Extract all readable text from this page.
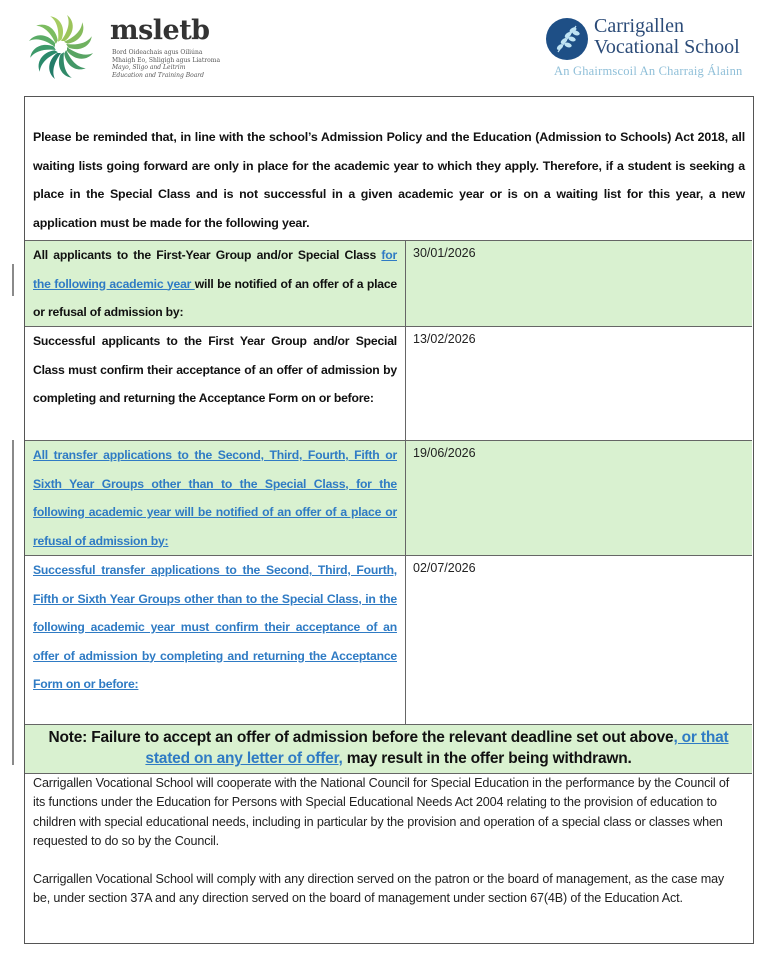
msletb
Bord Oideachais agus Oiliúna
Mhaigh Eo, Shligigh agus Liatroma
Mayo, Sligo and Leitrim
Education and Training Board
Carrigallen
Vocational School
An Ghairmscoil An Charraig Álainn
Please be reminded that, in line with the school’s Admission Policy and the Education (Admission to Schools) Act 2018, all waiting lists going forward are only in place for the academic year to which they apply. Therefore, if a student is seeking a place in the Special Class and is not successful in a given academic year or is on a waiting list for this year, a new application must be made for the following year.
All applicants to the First-Year Group and/or Special Class for the following academic year will be notified of an offer of a place or refusal of admission by:
30/01/2026
Successful applicants to the First Year Group and/or Special Class must confirm their acceptance of an offer of admission by completing and returning the Acceptance Form on or before:
13/02/2026
All transfer applications to the Second, Third, Fourth, Fifth or Sixth Year Groups other than to the Special Class, for the following academic year will be notified of an offer of a place or refusal of admission by:
19/06/2026
Successful transfer applications to the Second, Third, Fourth, Fifth or Sixth Year Groups other than to the Special Class, in the following academic year must confirm their acceptance of an offer of admission by completing and returning the Acceptance Form on or before:
02/07/2026
Note: Failure to accept an offer of admission before the relevant deadline set out above, or that stated on any letter of offer, may result in the offer being withdrawn.

Carrigallen Vocational School will cooperate with the National Council for Special Education in the performance by the Council of its functions under the Education for Persons with Special Educational Needs Act 2004 relating to the provision of education to children with special educational needs, including in particular by the provision and operation of a special class or classes when requested to do so by the Council.

Carrigallen Vocational School will comply with any direction served on the patron or the board of management, as the case may be, under section 37A and any direction served on the board of management under section 67(4B) of the Education Act.
